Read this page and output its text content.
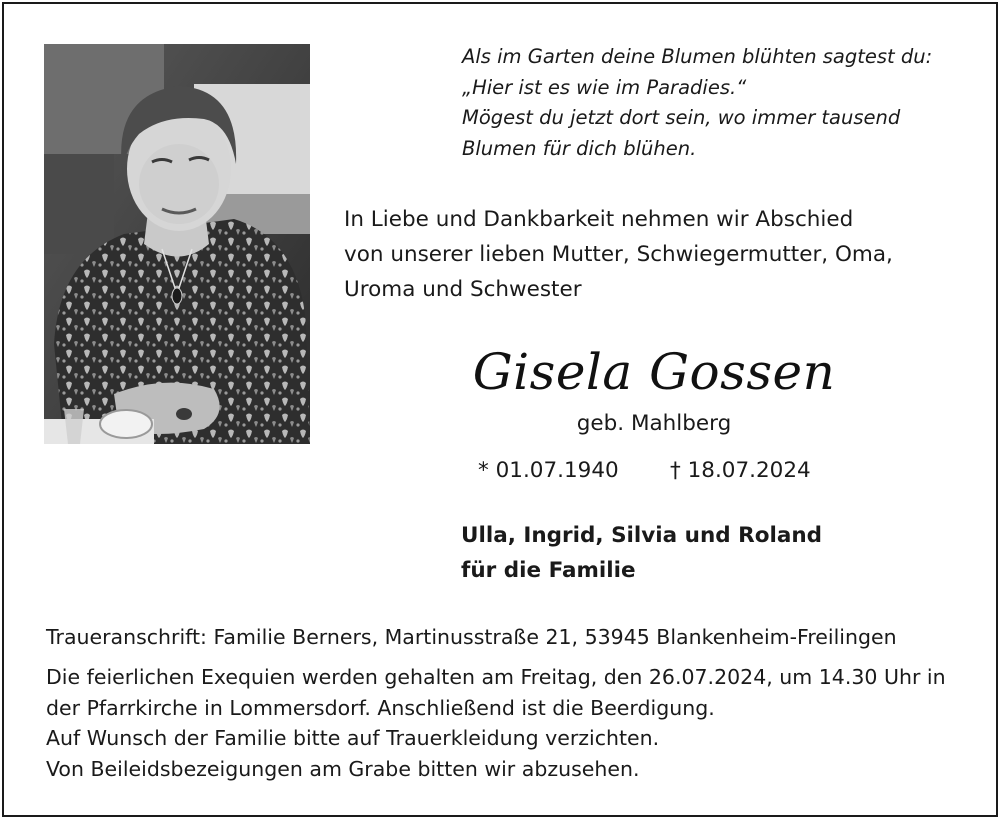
Als im Garten deine Blumen blühten sagtest du:
„Hier ist es wie im Paradies.“
Mögest du jetzt dort sein, wo immer tausend
Blumen für dich blühen.
In Liebe und Dankbarkeit nehmen wir Abschied
von unserer lieben Mutter, Schwiegermutter, Oma,
Uroma und Schwester
Gisela Gossen
geb. Mahlberg
* 01.07.1940 † 18.07.2024
Ulla, Ingrid, Silvia und Roland
für die Familie
Traueranschrift: Familie Berners, Martinusstraße 21, 53945 Blankenheim-Freilingen
Die feierlichen Exequien werden gehalten am Freitag, den 26.07.2024, um 14.30 Uhr in
der Pfarrkirche in Lommersdorf. Anschließend ist die Beerdigung.
Auf Wunsch der Familie bitte auf Trauerkleidung verzichten.
Von Beileidsbezeigungen am Grabe bitten wir abzusehen.
